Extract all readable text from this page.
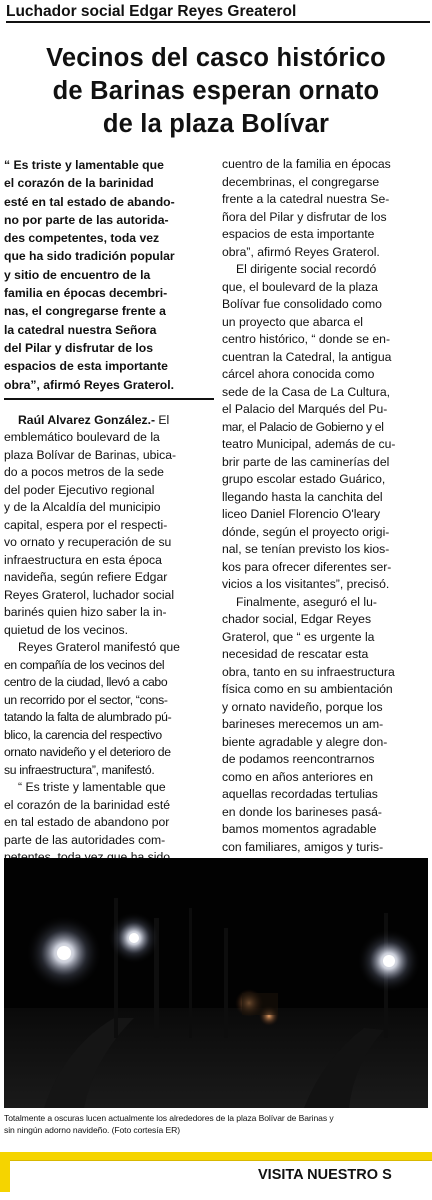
Luchador social Edgar Reyes Greaterol
Vecinos del casco histórico
de Barinas esperan ornato
de la plaza Bolívar

“ Es triste y lamentable que

el corazón de la barinidad

esté en tal estado de abando-

no por parte de las autorida-

des competentes, toda vez

que ha sido tradición popular

y sitio de encuentro de la

familia en épocas decembri-

nas, el congregarse frente a

la catedral nuestra Señora

del Pilar y disfrutar de los

espacios de esta importante

obra”, afirmó Reyes Graterol.

Raúl Alvarez González.- El

emblemático boulevard de la

plaza Bolívar de Barinas, ubica-

do a pocos metros de la sede

del poder Ejecutivo regional

y de la Alcaldía del municipio

capital, espera por el respecti-

vo ornato y recuperación de su

infraestructura en esta época

navideña, según refiere Edgar

Reyes Graterol, luchador social

barinés quien hizo saber la in-

quietud de los vecinos.

Reyes Graterol manifestó que

en compañía de los vecinos del

centro de la ciudad, llevó a cabo

un recorrido por el sector, “cons-

tatando la falta de alumbrado pú-

blico, la carencia del respectivo

ornato navideño y el deterioro de

su infraestructura”, manifestó.

“ Es triste y lamentable que

el corazón de la barinidad esté

en tal estado de abandono por

parte de las autoridades com-

cuentro de la familia en épocas

decembrinas, el congregarse

frente a la catedral nuestra Se-

ñora del Pilar y disfrutar de los

espacios de esta importante

obra”, afirmó Reyes Graterol.

El dirigente social recordó

que, el boulevard de la plaza

Bolívar fue consolidado como

un proyecto que abarca el

centro histórico, “ donde se en-

cuentran la Catedral, la antigua

cárcel ahora conocida como

sede de la Casa de La Cultura,

el Palacio del Marqués del Pu-

mar, el Palacio de Gobierno y el

teatro Municipal, además de cu-

brir parte de las caminerías del

grupo escolar estado Guárico,

llegando hasta la canchita del

liceo Daniel Florencio O'leary

dónde, según el proyecto origi-

nal, se tenían previsto los kios-

kos para ofrecer diferentes ser-

vicios a los visitantes”, precisó.

Finalmente, aseguró el lu-

chador social, Edgar Reyes

Graterol, que “ es urgente la

necesidad de rescatar esta

obra, tanto en su infraestructura

física como en su ambientación

y ornato navideño, porque los

barineses merecemos un am-

biente agradable y alegre don-

de podamos reencontrarnos

como en años anteriores en

aquellas recordadas tertulias

en donde los barineses pasá-

bamos momentos agradable

con familiares, amigos y turis-

Totalmente a oscuras lucen actualmente los alrededores de la plaza Bolívar de Barinas y

sin ningún adorno navideño. (Foto cortesía ER)

VISITA NUESTRO S
